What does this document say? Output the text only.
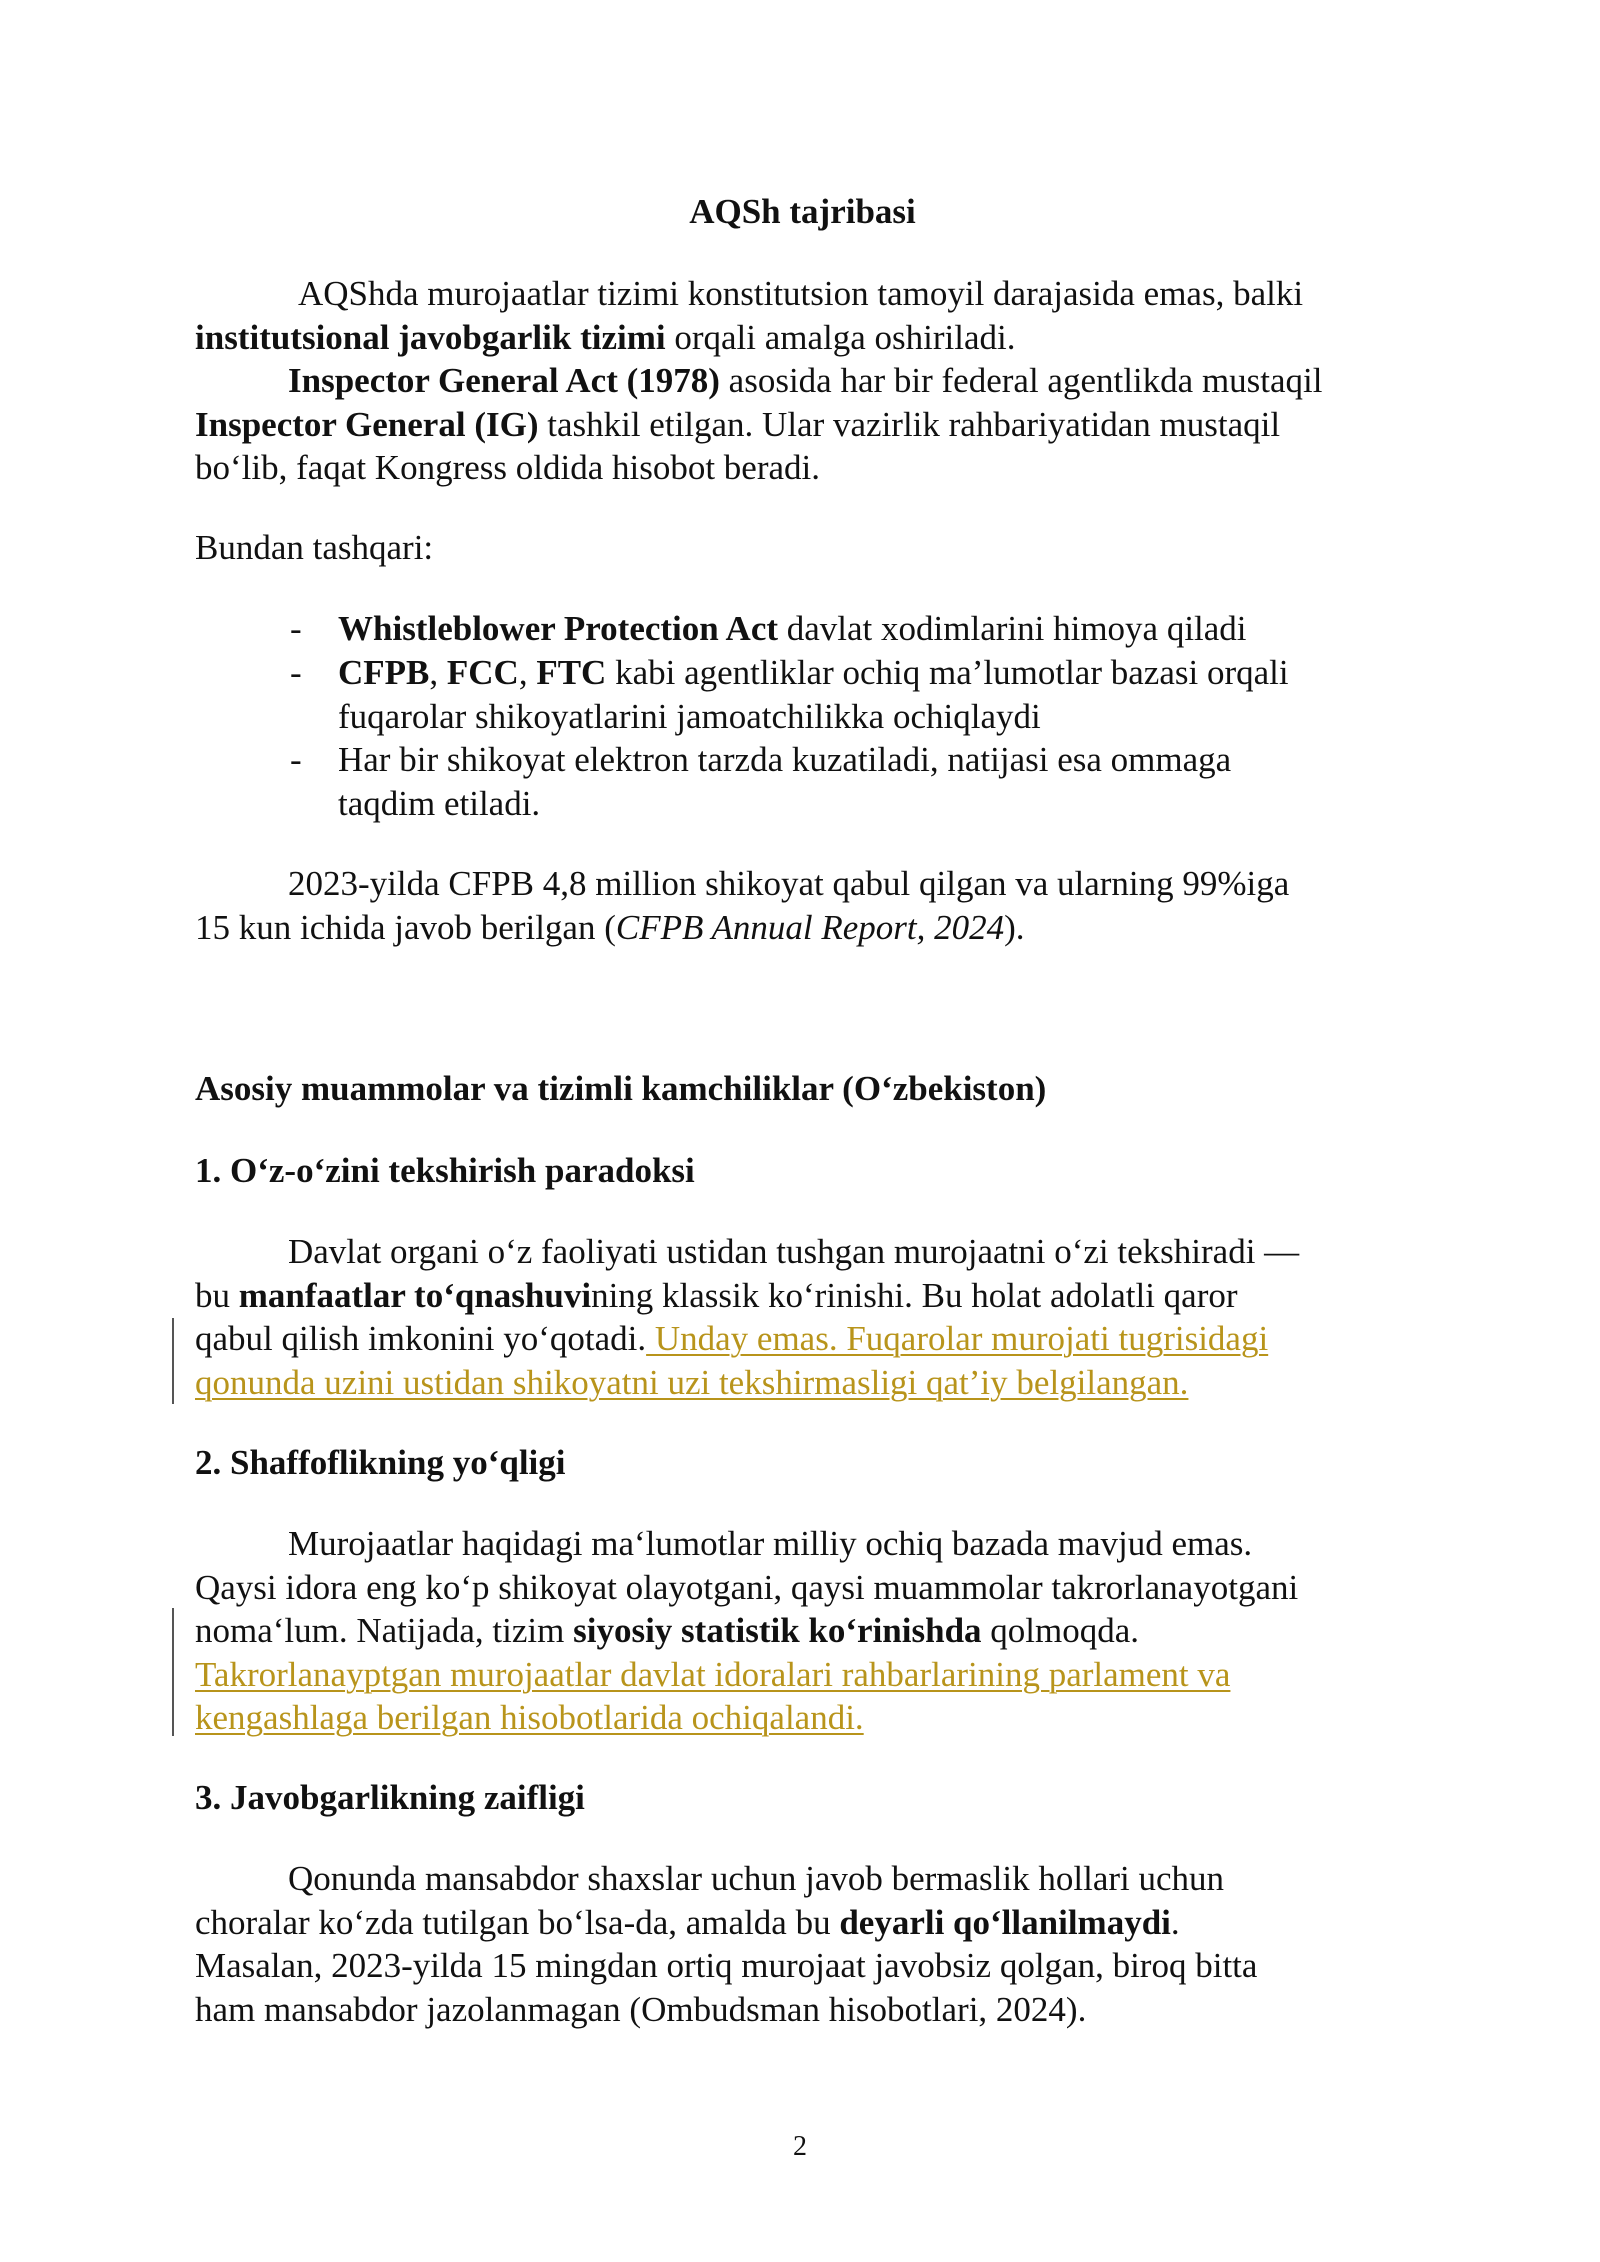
AQSh tajribasi

AQShda murojaatlar tizimi konstitutsion tamoyil darajasida emas, balki

institutsional javobgarlik tizimi orqali amalga oshiriladi.

Inspector General Act (1978) asosida har bir federal agentlikda mustaqil

Inspector General (IG) tashkil etilgan. Ular vazirlik rahbariyatidan mustaqil

bo‘lib, faqat Kongress oldida hisobot beradi.

Bundan tashqari:

- Whistleblower Protection Act davlat xodimlarini himoya qiladi
- CFPB, FCC, FTC kabi agentliklar ochiq ma’lumotlar bazasi orqali
fuqarolar shikoyatlarini jamoatchilikka ochiqlaydi
- Har bir shikoyat elektron tarzda kuzatiladi, natijasi esa ommaga
taqdim etiladi.

2023-yilda CFPB 4,8 million shikoyat qabul qilgan va ularning 99%iga

15 kun ichida javob berilgan (CFPB Annual Report, 2024).

Asosiy muammolar va tizimli kamchiliklar (O‘zbekiston)

1. O‘z-o‘zini tekshirish paradoksi

Davlat organi o‘z faoliyati ustidan tushgan murojaatni o‘zi tekshiradi —

bu manfaatlar to‘qnashuvining klassik ko‘rinishi. Bu holat adolatli qaror

qabul qilish imkonini yo‘qotadi. Unday emas. Fuqarolar murojati tugrisidagi

qonunda uzini ustidan shikoyatni uzi tekshirmasligi qat’iy belgilangan.

2. Shaffoflikning yo‘qligi

Murojaatlar haqidagi ma‘lumotlar milliy ochiq bazada mavjud emas.

Qaysi idora eng ko‘p shikoyat olayotgani, qaysi muammolar takrorlanayotgani

noma‘lum. Natijada, tizim siyosiy statistik ko‘rinishda qolmoqda.

Takrorlanayptgan murojaatlar davlat idoralari rahbarlarining parlament va

kengashlaga berilgan hisobotlarida ochiqalandi.

3. Javobgarlikning zaifligi

Qonunda mansabdor shaxslar uchun javob bermaslik hollari uchun

choralar ko‘zda tutilgan bo‘lsa-da, amalda bu deyarli qo‘llanilmaydi.

Masalan, 2023-yilda 15 mingdan ortiq murojaat javobsiz qolgan, biroq bitta

ham mansabdor jazolanmagan (Ombudsman hisobotlari, 2024).

2
